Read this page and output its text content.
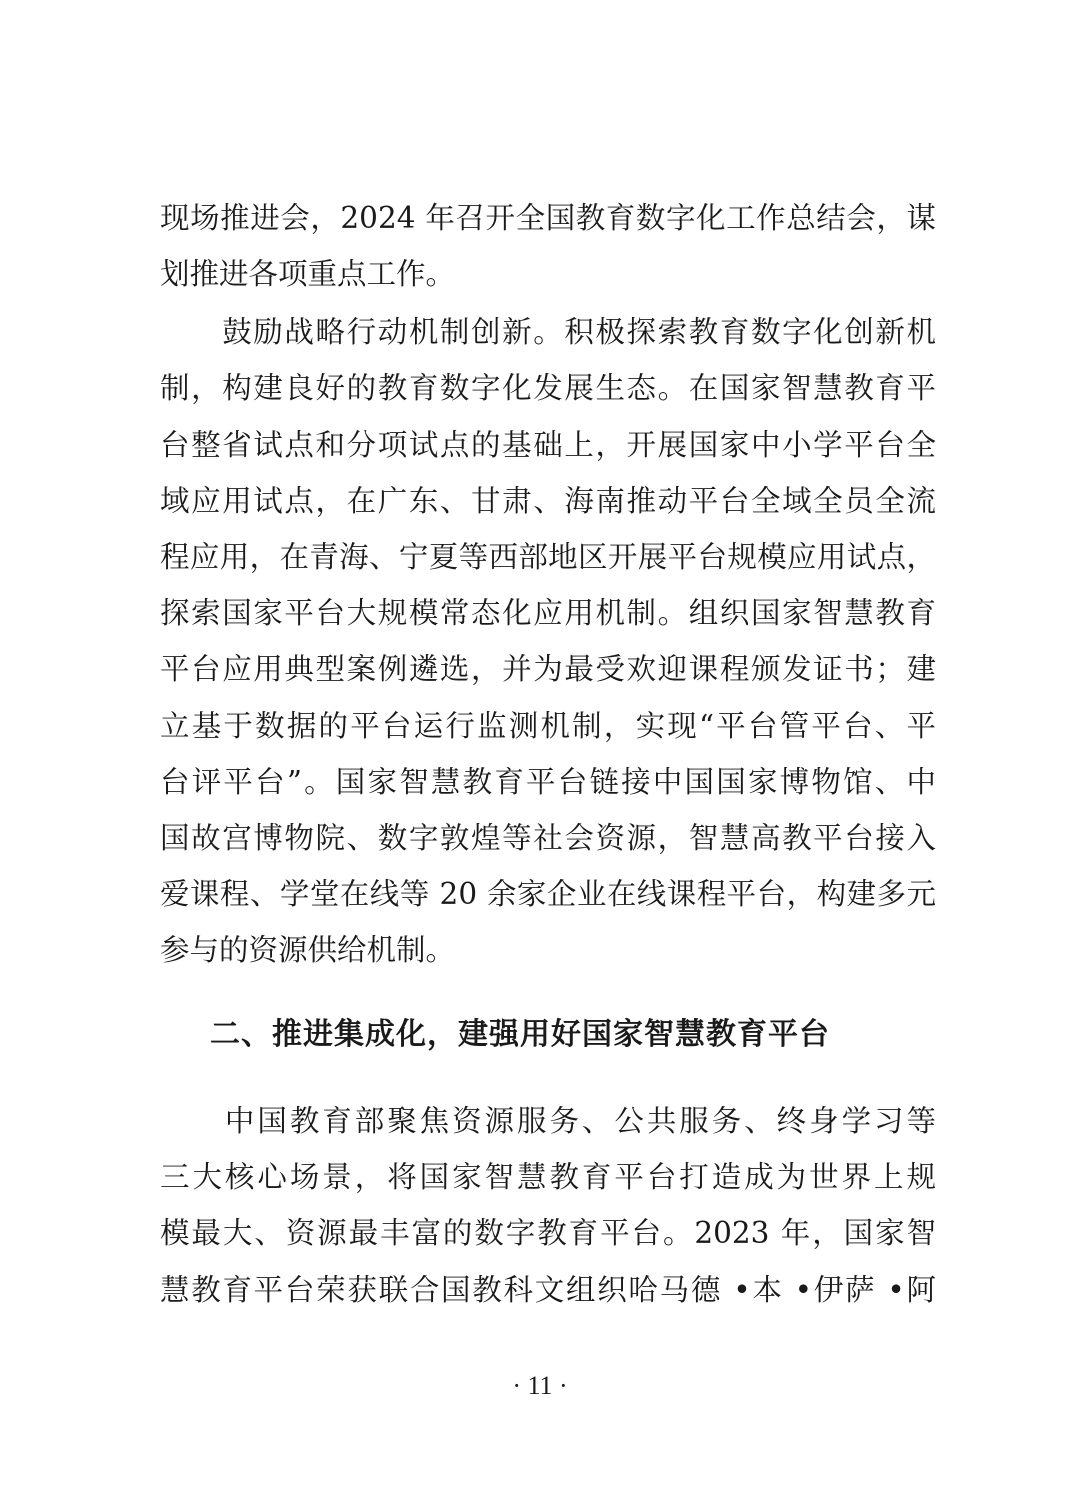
现场推进会，2024 年召开全国教育数字化工作总结会，谋
划推进各项重点工作。
　　鼓励战略行动机制创新。积极探索教育数字化创新机
制，构建良好的教育数字化发展生态。在国家智慧教育平
台整省试点和分项试点的基础上，开展国家中小学平台全
域应用试点，在广东、甘肃、海南推动平台全域全员全流
程应用，在青海、宁夏等西部地区开展平台规模应用试点，
探索国家平台大规模常态化应用机制。组织国家智慧教育
平台应用典型案例遴选，并为最受欢迎课程颁发证书；建
立基于数据的平台运行监测机制，实现“平台管平台、平
台评平台”。国家智慧教育平台链接中国国家博物馆、中
国故宫博物院、数字敦煌等社会资源，智慧高教平台接入
爱课程、学堂在线等 20 余家企业在线课程平台，构建多元
参与的资源供给机制。
二、推进集成化，建强用好国家智慧教育平台
　　中国教育部聚焦资源服务、公共服务、终身学习等
三大核心场景，将国家智慧教育平台打造成为世界上规
模最大、资源最丰富的数字教育平台。2023 年，国家智
慧教育平台荣获联合国教科文组织哈马德 •本 •伊萨 •阿
· 11 ·
